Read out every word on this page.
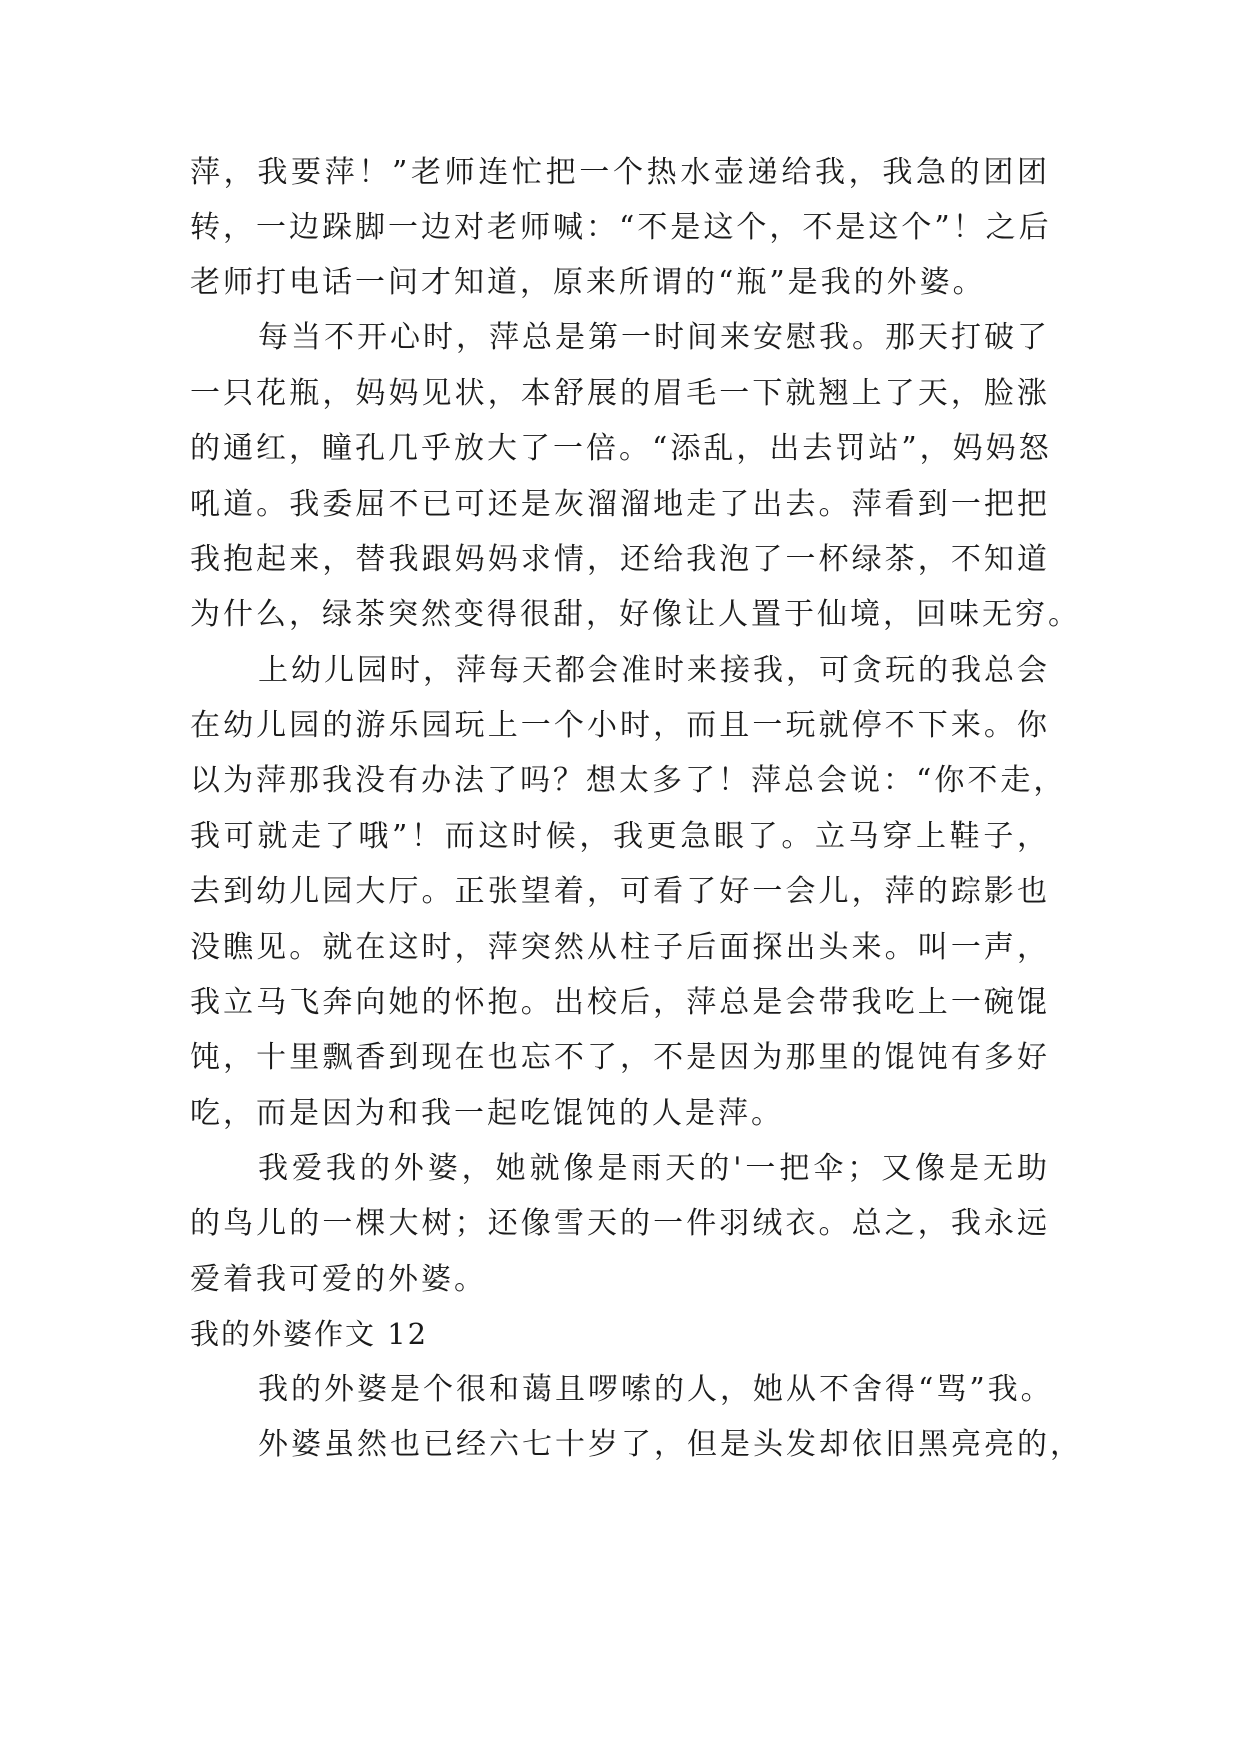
萍，我要萍！”老师连忙把一个热水壶递给我，我急的团团
转，一边跺脚一边对老师喊：“不是这个，不是这个”！之后
老师打电话一问才知道，原来所谓的“瓶”是我的外婆。
每当不开心时，萍总是第一时间来安慰我。那天打破了
一只花瓶，妈妈见状，本舒展的眉毛一下就翘上了天，脸涨
的通红，瞳孔几乎放大了一倍。“添乱，出去罚站”，妈妈怒
吼道。我委屈不已可还是灰溜溜地走了出去。萍看到一把把
我抱起来，替我跟妈妈求情，还给我泡了一杯绿茶，不知道
为什么，绿茶突然变得很甜，好像让人置于仙境，回味无穷。
上幼儿园时，萍每天都会准时来接我，可贪玩的我总会
在幼儿园的游乐园玩上一个小时，而且一玩就停不下来。你
以为萍那我没有办法了吗？想太多了！萍总会说：“你不走，
我可就走了哦”！而这时候，我更急眼了。立马穿上鞋子，
去到幼儿园大厅。正张望着，可看了好一会儿，萍的踪影也
没瞧见。就在这时，萍突然从柱子后面探出头来。叫一声，
我立马飞奔向她的怀抱。出校后，萍总是会带我吃上一碗馄
饨，十里飘香到现在也忘不了，不是因为那里的馄饨有多好
吃，而是因为和我一起吃馄饨的人是萍。
我爱我的外婆，她就像是雨天的'一把伞；又像是无助
的鸟儿的一棵大树；还像雪天的一件羽绒衣。总之，我永远
爱着我可爱的外婆。
我的外婆作文 12
我的外婆是个很和蔼且啰嗦的人，她从不舍得“骂”我。
外婆虽然也已经六七十岁了，但是头发却依旧黑亮亮的，
